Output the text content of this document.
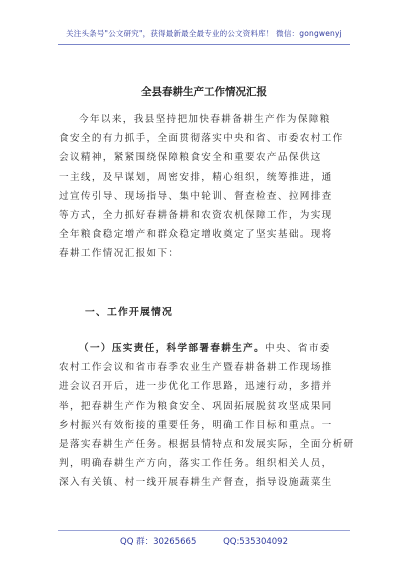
关注头条号"公文研究"，获得最新最全最专业的公文资料库！ 微信：gongwenyj
全县春耕生产工作情况汇报
今年以来，我县坚持把加快春耕备耕生产作为保障粮
食安全的有力抓手，全面贯彻落实中央和省、市委农村工作
会议精神，紧紧围绕保障粮食安全和重要农产品保供这
一主线，及早谋划，周密安排，精心组织，统筹推进，通
过宣传引导、现场指导、集中轮训、督查检查、拉网排查
等方式，全力抓好春耕备耕和农资农机保障工作，为实现
全年粮食稳定增产和群众稳定增收奠定了坚实基础。现将
春耕工作情况汇报如下：
一、工作开展情况
（一）压实责任，科学部署春耕生产。中央、省市委
农村工作会议和省市春季农业生产暨春耕备耕工作现场推
进会议召开后，进一步优化工作思路，迅速行动，多措并
举，把春耕生产作为粮食安全、巩固拓展脱贫攻坚成果同
乡村振兴有效衔接的重要任务，明确工作目标和重点。一
是落实春耕生产任务。根据县情特点和发展实际，全面分析研
判，明确春耕生产方向，落实工作任务。组织相关人员，
深入有关镇、村一线开展春耕生产督查，指导设施蔬菜生
QQ 群：30265665	QQ:535304092
